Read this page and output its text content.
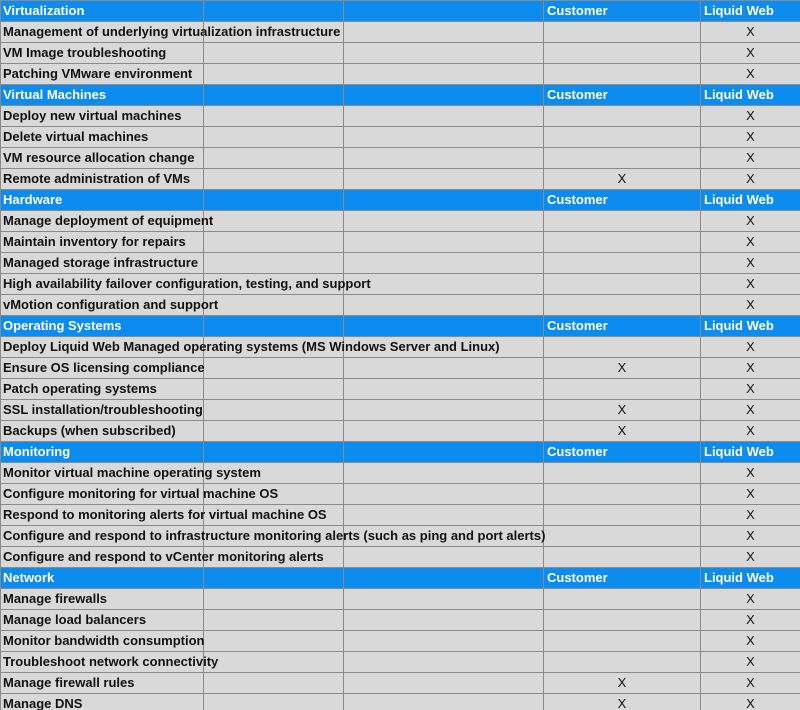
Virtualization			Customer	Liquid Web
Management of underlying virtualization infrastructure				X
VM Image troubleshooting				X
Patching VMware environment				X
Virtual Machines			Customer	Liquid Web
Deploy new virtual machines				X
Delete virtual machines				X
VM resource allocation change				X
Remote administration of VMs			X	X
Hardware			Customer	Liquid Web
Manage deployment of equipment				X
Maintain inventory for repairs				X
Managed storage infrastructure				X
High availability failover configuration, testing, and support				X
vMotion configuration and support				X
Operating Systems			Customer	Liquid Web
Deploy Liquid Web Managed operating systems (MS Windows Server and Linux)				X
Ensure OS licensing compliance			X	X
Patch operating systems				X
SSL installation/troubleshooting			X	X
Backups (when subscribed)			X	X
Monitoring			Customer	Liquid Web
Monitor virtual machine operating system				X
Configure monitoring for virtual machine OS				X
Respond to monitoring alerts for virtual machine OS				X
Configure and respond to infrastructure monitoring alerts (such as ping and port alerts)				X
Configure and respond to vCenter monitoring alerts				X
Network			Customer	Liquid Web
Manage firewalls				X
Manage load balancers				X
Monitor bandwidth consumption				X
Troubleshoot network connectivity				X
Manage firewall rules			X	X
Manage DNS			X	X
